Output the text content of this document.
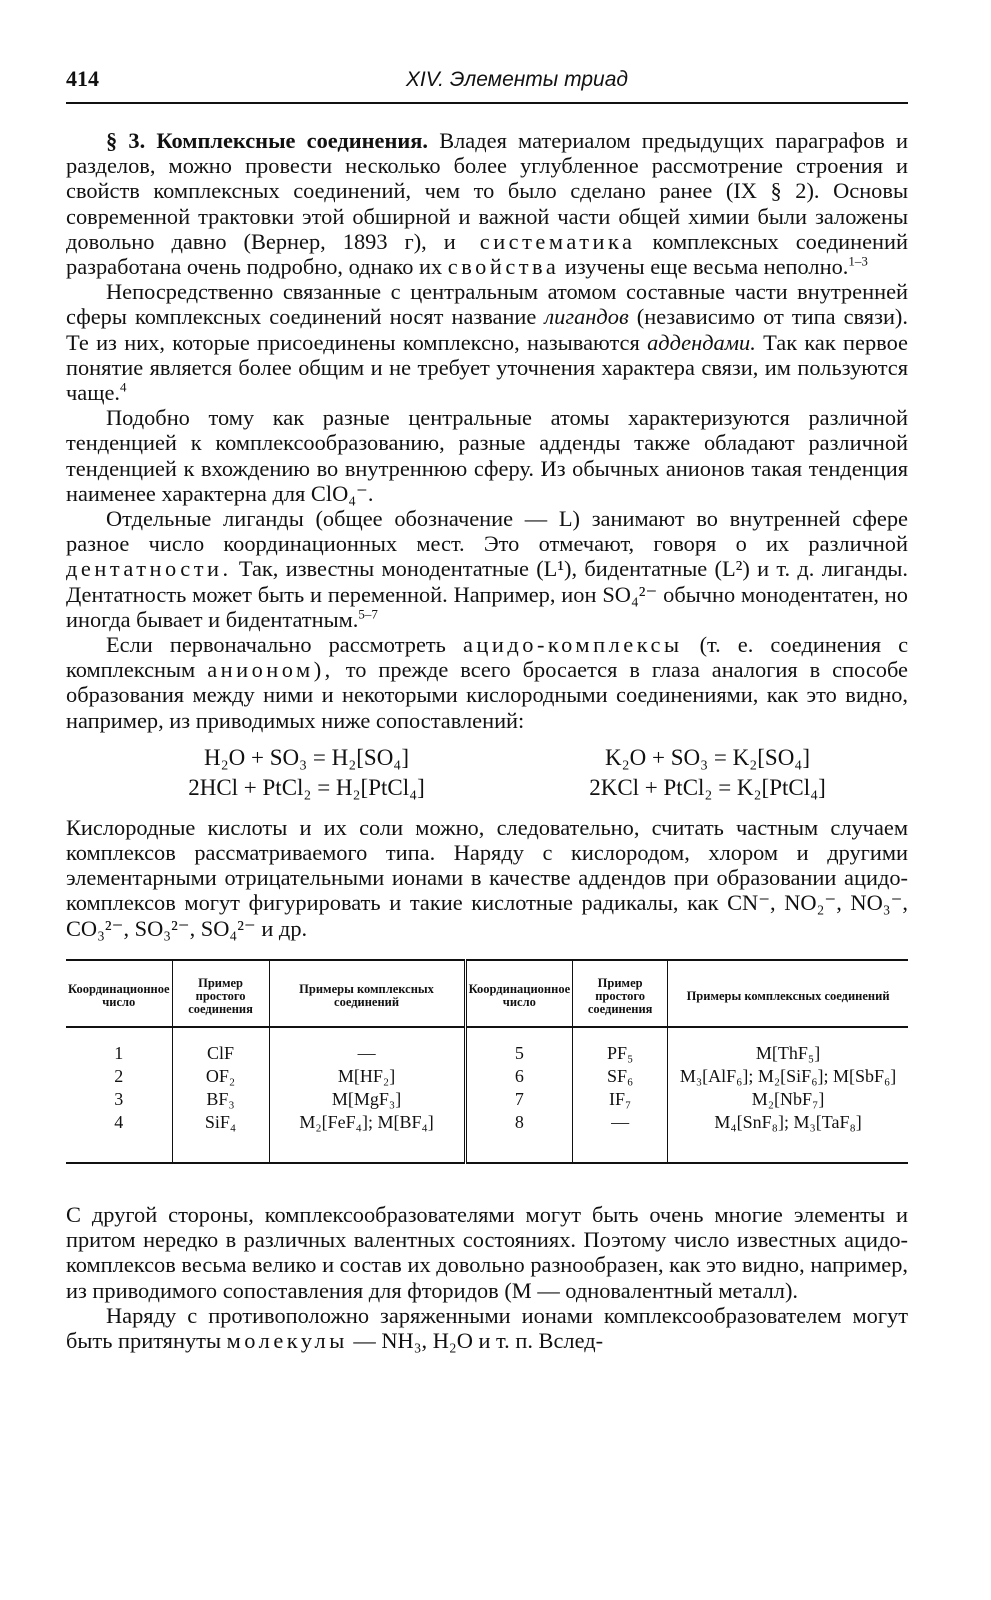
414	XIV. Элементы триад

§ 3. Комплексные соединения. Владея материалом предыдущих параграфов и разделов, можно провести несколько более углубленное рассмотрение строения и свойств комплексных соединений, чем то было сделано ранее (IX § 2). Основы современной трактовки этой обширной и важной части общей химии были заложены довольно давно (Вернер, 1893 г), и систематика комплексных соединений разработана очень подробно, однако их свойства изучены еще весьма неполно.$^{1-3}$

Непосредственно связанные с центральным атомом составные части внутренней сферы комплексных соединений носят название лигандов (независимо от типа связи). Те из них, которые присоединены комплексно, называются аддендами. Так как первое понятие является более общим и не требует уточнения характера связи, им пользуются чаще.$^4$

Подобно тому как разные центральные атомы характеризуются различной тенденцией к комплексообразованию, разные адденды также обладают различной тенденцией к вхождению во внутреннюю сферу. Из обычных анионов такая тенденция наименее характерна для ClO₄⁻.

Отдельные лиганды (общее обозначение — L) занимают во внутренней сфере разное число координационных мест. Это отмечают, говоря о их различной дентатности. Так, известны монодентатные (L¹), бидентатные (L²) и т. д. лиганды. Дентатность может быть и переменной. Например, ион SO₄²⁻ обычно монодентатен, но иногда бывает и бидентатным.$^{5-7}$

Если первоначально рассмотреть ацидо-комплексы (т. е. соединения с комплексным анионом), то прежде всего бросается в глаза аналогия в способе образования между ними и некоторыми кислородными соединениями, как это видно, например, из приводимых ниже сопоставлений:

H₂O + SO₃ = H₂[SO₄]	K₂O + SO₃ = K₂[SO₄]
2HCl + PtCl₂ = H₂[PtCl₄]	2KCl + PtCl₂ = K₂[PtCl₄]

Кислородные кислоты и их соли можно, следовательно, считать частным случаем комплексов рассматриваемого типа. Наряду с кислородом, хлором и другими элементарными отрицательными ионами в качестве аддендов при образовании ацидо-комплексов могут фигурировать и такие кислотные радикалы, как CN⁻, NO₂⁻, NO₃⁻, CO₃²⁻, SO₃²⁻, SO₄²⁻ и др.

Координационное число	Пример простого соединения	Примеры комплексных соединений	Координационное число	Пример простого соединения	Примеры комплексных соединений
1	ClF	—	5	PF₅	M[ThF₅]
2	OF₂	M[HF₂]	6	SF₆	M₃[AlF₆]; M₂[SiF₆]; M[SbF₆]
3	BF₃	M[MgF₃]	7	IF₇	M₂[NbF₇]
4	SiF₄	M₂[FeF₄]; M[BF₄]	8	—	M₄[SnF₈]; M₃[TaF₈]

С другой стороны, комплексообразователями могут быть очень многие элементы и притом нередко в различных валентных состояниях. Поэтому число известных ацидо-комплексов весьма велико и состав их довольно разнообразен, как это видно, например, из приводимого сопоставления для фторидов (M — одновалентный металл).

Наряду с противоположно заряженными ионами комплексообразователем могут быть притянуты молекулы — NH₃, H₂O и т. п. Вслед-
